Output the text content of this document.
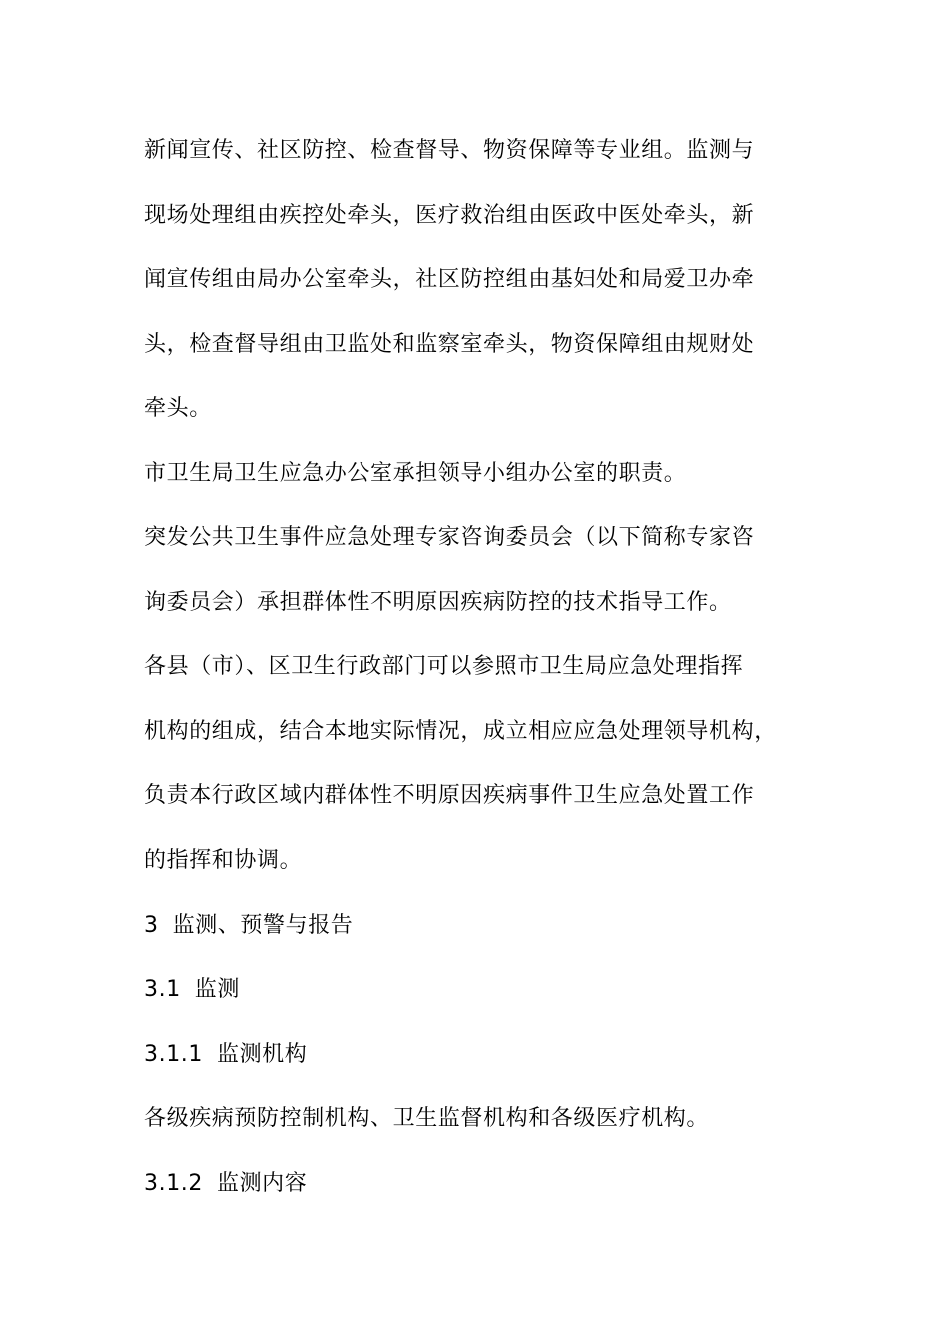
新闻宣传、社区防控、检查督导、物资保障等专业组。监测与
现场处理组由疾控处牵头，医疗救治组由医政中医处牵头，新
闻宣传组由局办公室牵头，社区防控组由基妇处和局爱卫办牵
头，检查督导组由卫监处和监察室牵头，物资保障组由规财处
牵头。
市卫生局卫生应急办公室承担领导小组办公室的职责。
突发公共卫生事件应急处理专家咨询委员会（以下简称专家咨
询委员会）承担群体性不明原因疾病防控的技术指导工作。
各县（市）、区卫生行政部门可以参照市卫生局应急处理指挥
机构的组成，结合本地实际情况，成立相应应急处理领导机构，
负责本行政区域内群体性不明原因疾病事件卫生应急处置工作
的指挥和协调。
3 监测、预警与报告
3.1 监测
3.1.1 监测机构
各级疾病预防控制机构、卫生监督机构和各级医疗机构。
3.1.2 监测内容
